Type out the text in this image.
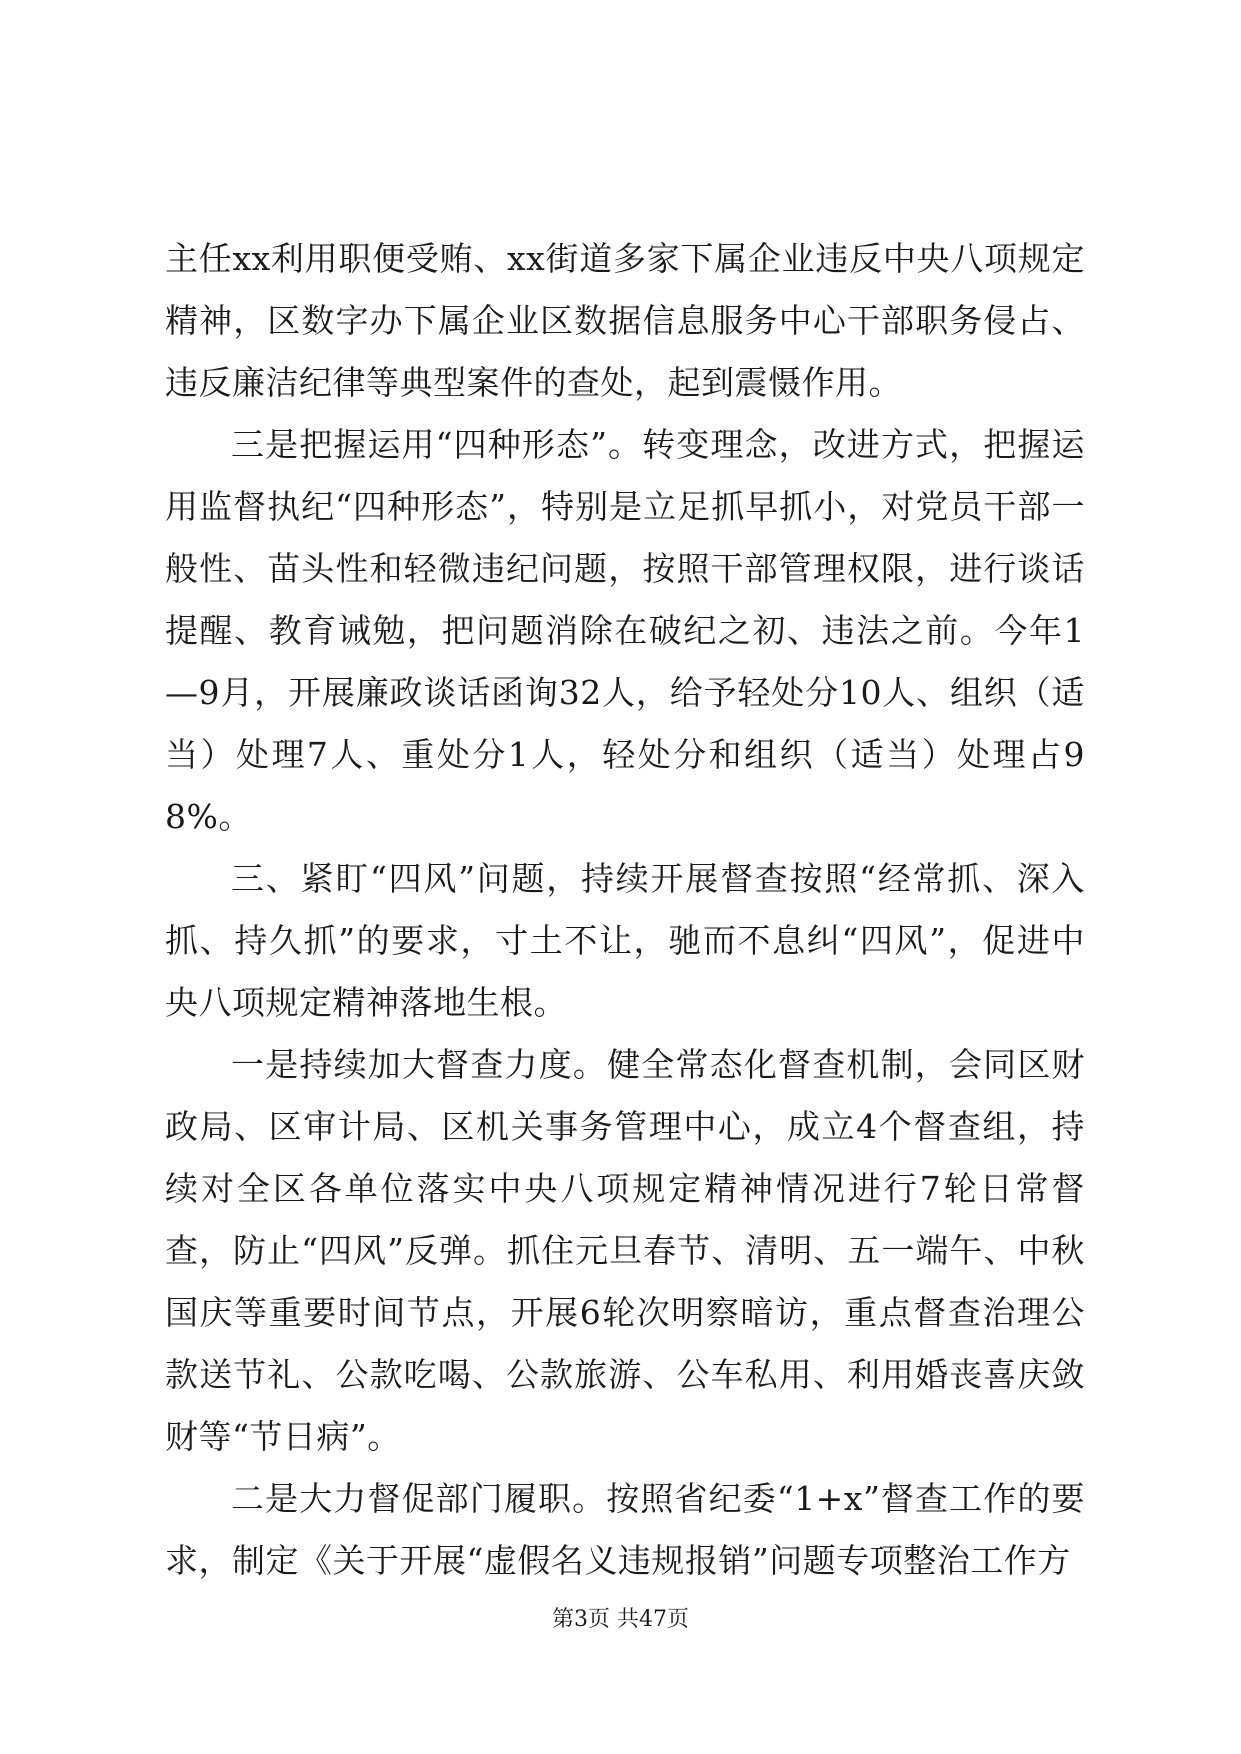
主任xx利用职便受贿、xx街道多家下属企业违反中央八项规定精神，区数字办下属企业区数据信息服务中心干部职务侵占、违反廉洁纪律等典型案件的查处，起到震慑作用。

三是把握运用“四种形态”。转变理念，改进方式，把握运用监督执纪“四种形态”，特别是立足抓早抓小，对党员干部一般性、苗头性和轻微违纪问题，按照干部管理权限，进行谈话提醒、教育诫勉，把问题消除在破纪之初、违法之前。今年1—9月，开展廉政谈话函询32人，给予轻处分10人、组织（适当）处理7人、重处分1人，轻处分和组织（适当）处理占98%。

三、紧盯“四风”问题，持续开展督查按照“经常抓、深入抓、持久抓”的要求，寸土不让，驰而不息纠“四风”，促进中央八项规定精神落地生根。

一是持续加大督查力度。健全常态化督查机制，会同区财政局、区审计局、区机关事务管理中心，成立4个督查组，持续对全区各单位落实中央八项规定精神情况进行7轮日常督查，防止“四风”反弹。抓住元旦春节、清明、五一端午、中秋国庆等重要时间节点，开展6轮次明察暗访，重点督查治理公款送节礼、公款吃喝、公款旅游、公车私用、利用婚丧喜庆敛财等“节日病”。

二是大力督促部门履职。按照省纪委“1+x”督查工作的要求，制定《关于开展“虚假名义违规报销”问题专项整治工作方

第3页 共47页
